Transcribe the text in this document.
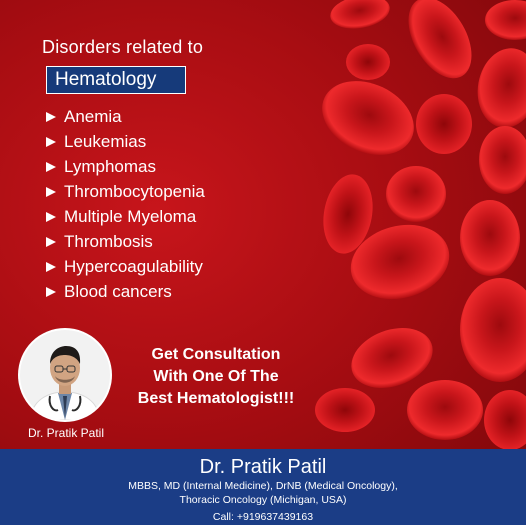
Disorders related to
Hematology
Anemia
Leukemias
Lymphomas
Thrombocytopenia
Multiple Myeloma
Thrombosis
Hypercoagulability
Blood cancers
Dr. Pratik Patil
Get Consultation
With One Of The
Best Hematologist!!!
Dr. Pratik Patil
MBBS, MD (Internal Medicine), DrNB (Medical Oncology),
Thoracic Oncology (Michigan, USA)
Call: +919637439163
